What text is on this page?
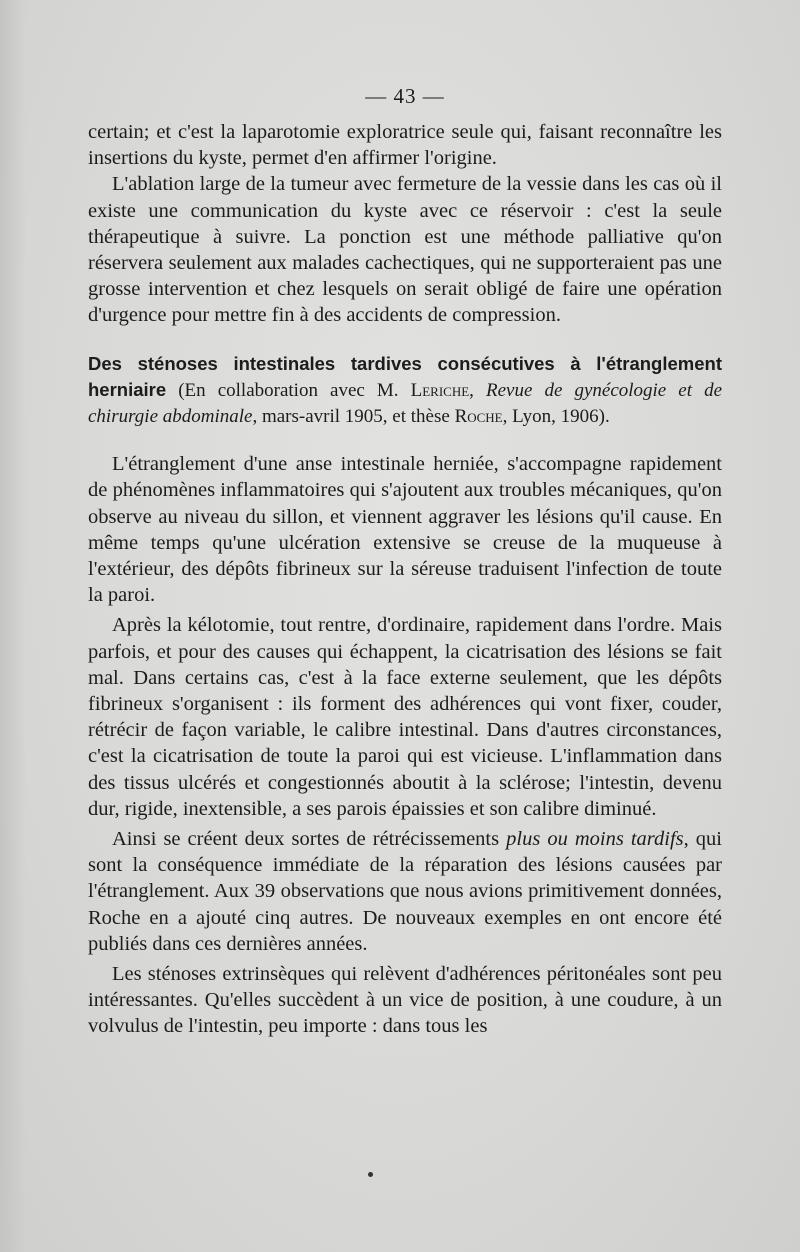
— 43 —

certain; et c'est la laparotomie exploratrice seule qui, faisant reconnaître les insertions du kyste, permet d'en affirmer l'origine.

L'ablation large de la tumeur avec fermeture de la vessie dans les cas où il existe une communication du kyste avec ce réservoir : c'est la seule thérapeutique à suivre. La ponction est une méthode palliative qu'on réservera seulement aux malades cachectiques, qui ne supporteraient pas une grosse intervention et chez lesquels on serait obligé de faire une opération d'urgence pour mettre fin à des accidents de compression.

Des sténoses intestinales tardives consécutives à l'étranglement herniaire (En collaboration avec M. Leriche, Revue de gynécologie et de chirurgie abdominale, mars-avril 1905, et thèse Roche, Lyon, 1906).

L'étranglement d'une anse intestinale herniée, s'accompagne rapidement de phénomènes inflammatoires qui s'ajoutent aux troubles mécaniques, qu'on observe au niveau du sillon, et viennent aggraver les lésions qu'il cause. En même temps qu'une ulcération extensive se creuse de la muqueuse à l'extérieur, des dépôts fibrineux sur la séreuse traduisent l'infection de toute la paroi.

Après la kélotomie, tout rentre, d'ordinaire, rapidement dans l'ordre. Mais parfois, et pour des causes qui échappent, la cicatrisation des lésions se fait mal. Dans certains cas, c'est à la face externe seulement, que les dépôts fibrineux s'organisent : ils forment des adhérences qui vont fixer, couder, rétrécir de façon variable, le calibre intestinal. Dans d'autres circonstances, c'est la cicatrisation de toute la paroi qui est vicieuse. L'inflammation dans des tissus ulcérés et congestionnés aboutit à la sclérose; l'intestin, devenu dur, rigide, inextensible, a ses parois épaissies et son calibre diminué.

Ainsi se créent deux sortes de rétrécissements plus ou moins tardifs, qui sont la conséquence immédiate de la réparation des lésions causées par l'étranglement. Aux 39 observations que nous avions primitivement données, Roche en a ajouté cinq autres. De nouveaux exemples en ont encore été publiés dans ces dernières années.

Les sténoses extrinsèques qui relèvent d'adhérences péritonéales sont peu intéressantes. Qu'elles succèdent à un vice de position, à une coudure, à un volvulus de l'intestin, peu importe : dans tous les
